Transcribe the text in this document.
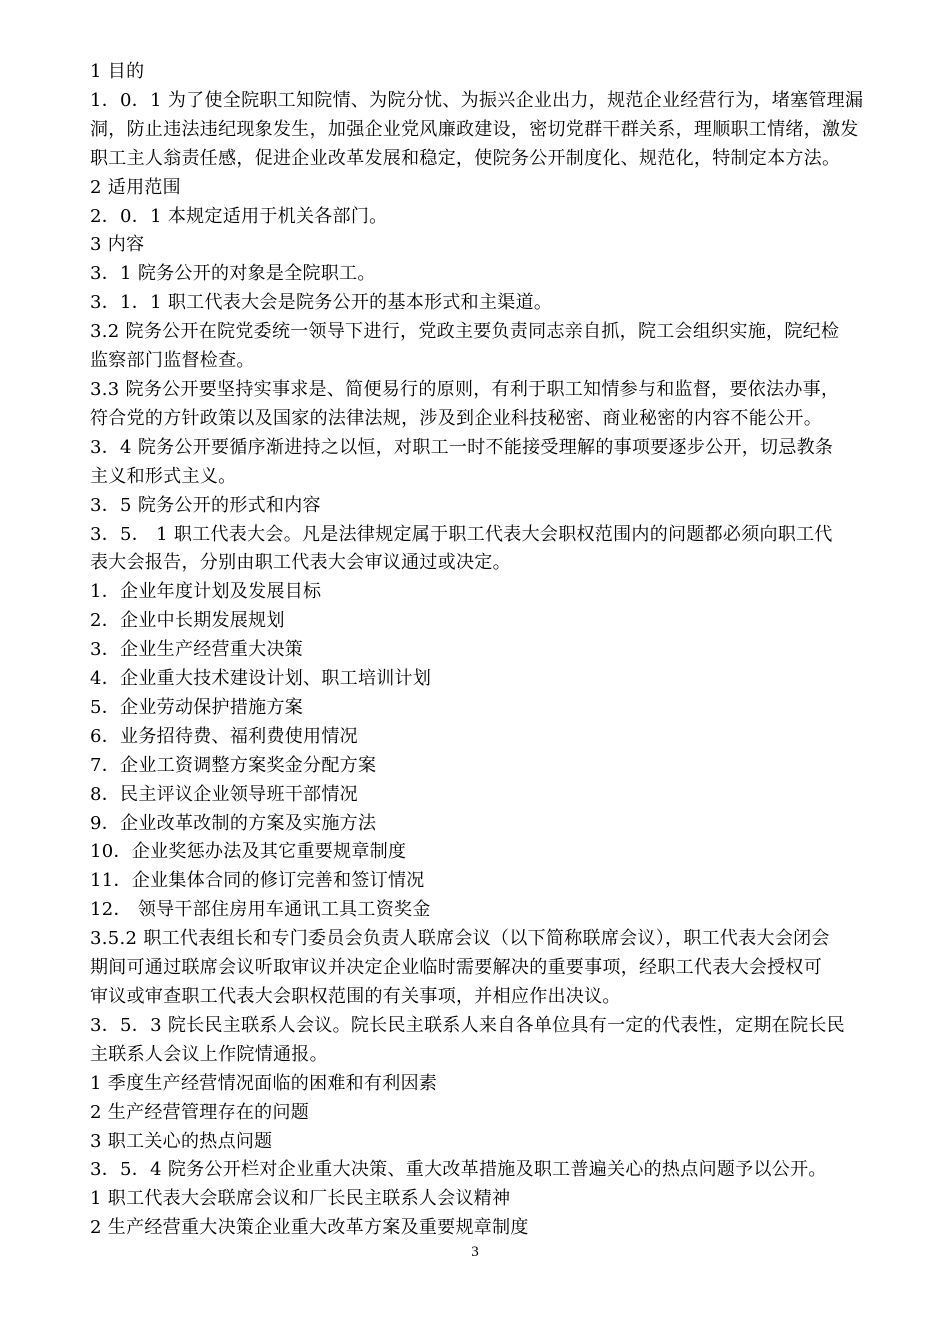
1 目的
1．0．1 为了使全院职工知院情、为院分忧、为振兴企业出力，规范企业经营行为，堵塞管理漏
洞，防止违法违纪现象发生，加强企业党风廉政建设，密切党群干群关系，理顺职工情绪，激发
职工主人翁责任感，促进企业改革发展和稳定，使院务公开制度化、规范化，特制定本方法。
2 适用范围
2．0．1 本规定适用于机关各部门。
3 内容
3．1 院务公开的对象是全院职工。
3．1．1 职工代表大会是院务公开的基本形式和主渠道。
3.2 院务公开在院党委统一领导下进行，党政主要负责同志亲自抓，院工会组织实施，院纪检
监察部门监督检查。
3.3 院务公开要坚持实事求是、简便易行的原则，有利于职工知情参与和监督，要依法办事，
符合党的方针政策以及国家的法律法规，涉及到企业科技秘密、商业秘密的内容不能公开。
3．4 院务公开要循序渐进持之以恒，对职工一时不能接受理解的事项要逐步公开，切忌教条
主义和形式主义。
3．5 院务公开的形式和内容
3．5． 1 职工代表大会。凡是法律规定属于职工代表大会职权范围内的问题都必须向职工代
表大会报告，分别由职工代表大会审议通过或决定。
1．企业年度计划及发展目标
2．企业中长期发展规划
3．企业生产经营重大决策
4．企业重大技术建设计划、职工培训计划
5．企业劳动保护措施方案
6．业务招待费、福利费使用情况
7．企业工资调整方案奖金分配方案
8．民主评议企业领导班干部情况
9．企业改革改制的方案及实施方法
10．企业奖惩办法及其它重要规章制度
11．企业集体合同的修订完善和签订情况
12． 领导干部住房用车通讯工具工资奖金
3.5.2 职工代表组长和专门委员会负责人联席会议（以下简称联席会议），职工代表大会闭会
期间可通过联席会议听取审议并决定企业临时需要解决的重要事项，经职工代表大会授权可
审议或审查职工代表大会职权范围的有关事项，并相应作出决议。
3．5．3 院长民主联系人会议。院长民主联系人来自各单位具有一定的代表性，定期在院长民
主联系人会议上作院情通报。
1 季度生产经营情况面临的困难和有利因素
2 生产经营管理存在的问题
3 职工关心的热点问题
3．5．4 院务公开栏对企业重大决策、重大改革措施及职工普遍关心的热点问题予以公开。
1 职工代表大会联席会议和厂长民主联系人会议精神
2 生产经营重大决策企业重大改革方案及重要规章制度
3
